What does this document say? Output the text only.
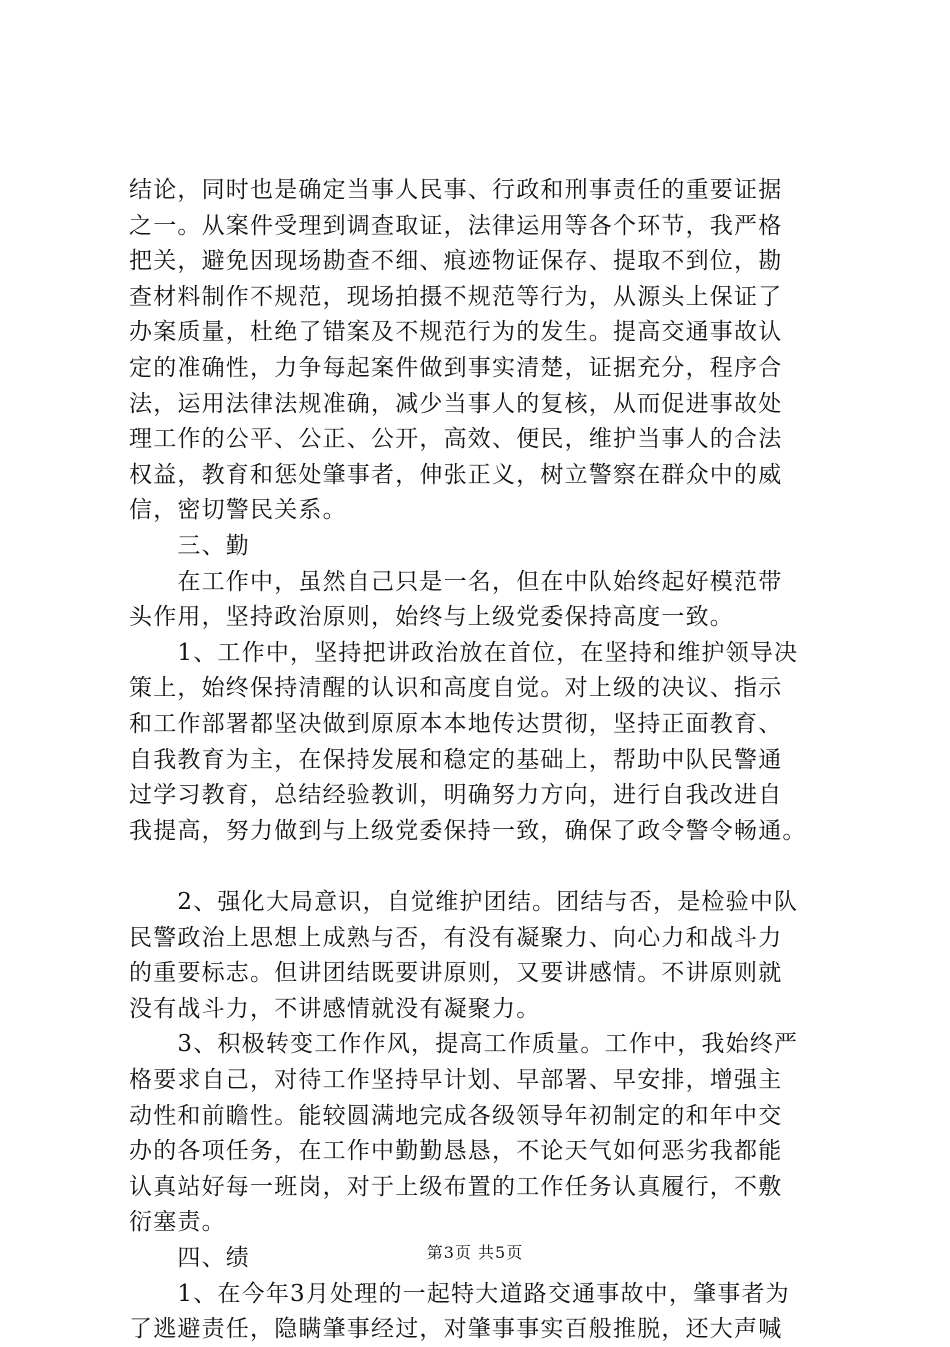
结论，同时也是确定当事人民事、行政和刑事责任的重要证据
之一。从案件受理到调查取证，法律运用等各个环节，我严格
把关，避免因现场勘查不细、痕迹物证保存、提取不到位，勘
查材料制作不规范，现场拍摄不规范等行为，从源头上保证了
办案质量，杜绝了错案及不规范行为的发生。提高交通事故认
定的准确性，力争每起案件做到事实清楚，证据充分，程序合
法，运用法律法规准确，减少当事人的复核，从而促进事故处
理工作的公平、公正、公开，高效、便民，维护当事人的合法
权益，教育和惩处肇事者，伸张正义，树立警察在群众中的威
信，密切警民关系。
　　三、勤
　　在工作中，虽然自己只是一名，但在中队始终起好模范带
头作用，坚持政治原则，始终与上级党委保持高度一致。
　　1、工作中，坚持把讲政治放在首位，在坚持和维护领导决
策上，始终保持清醒的认识和高度自觉。对上级的决议、指示
和工作部署都坚决做到原原本本地传达贯彻，坚持正面教育、
自我教育为主，在保持发展和稳定的基础上，帮助中队民警通
过学习教育，总结经验教训，明确努力方向，进行自我改进自
我提高，努力做到与上级党委保持一致，确保了政令警令畅通。
　　2、强化大局意识，自觉维护团结。团结与否，是检验中队
民警政治上思想上成熟与否，有没有凝聚力、向心力和战斗力
的重要标志。但讲团结既要讲原则，又要讲感情。不讲原则就
没有战斗力，不讲感情就没有凝聚力。
　　3、积极转变工作作风，提高工作质量。工作中，我始终严
格要求自己，对待工作坚持早计划、早部署、早安排，增强主
动性和前瞻性。能较圆满地完成各级领导年初制定的和年中交
办的各项任务，在工作中勤勤恳恳，不论天气如何恶劣我都能
认真站好每一班岗，对于上级布置的工作任务认真履行，不敷
衍塞责。
　　四、绩
　　1、在今年3月处理的一起特大道路交通事故中，肇事者为
了逃避责任，隐瞒肇事经过，对肇事事实百般推脱，还大声喊
第3页 共5页
